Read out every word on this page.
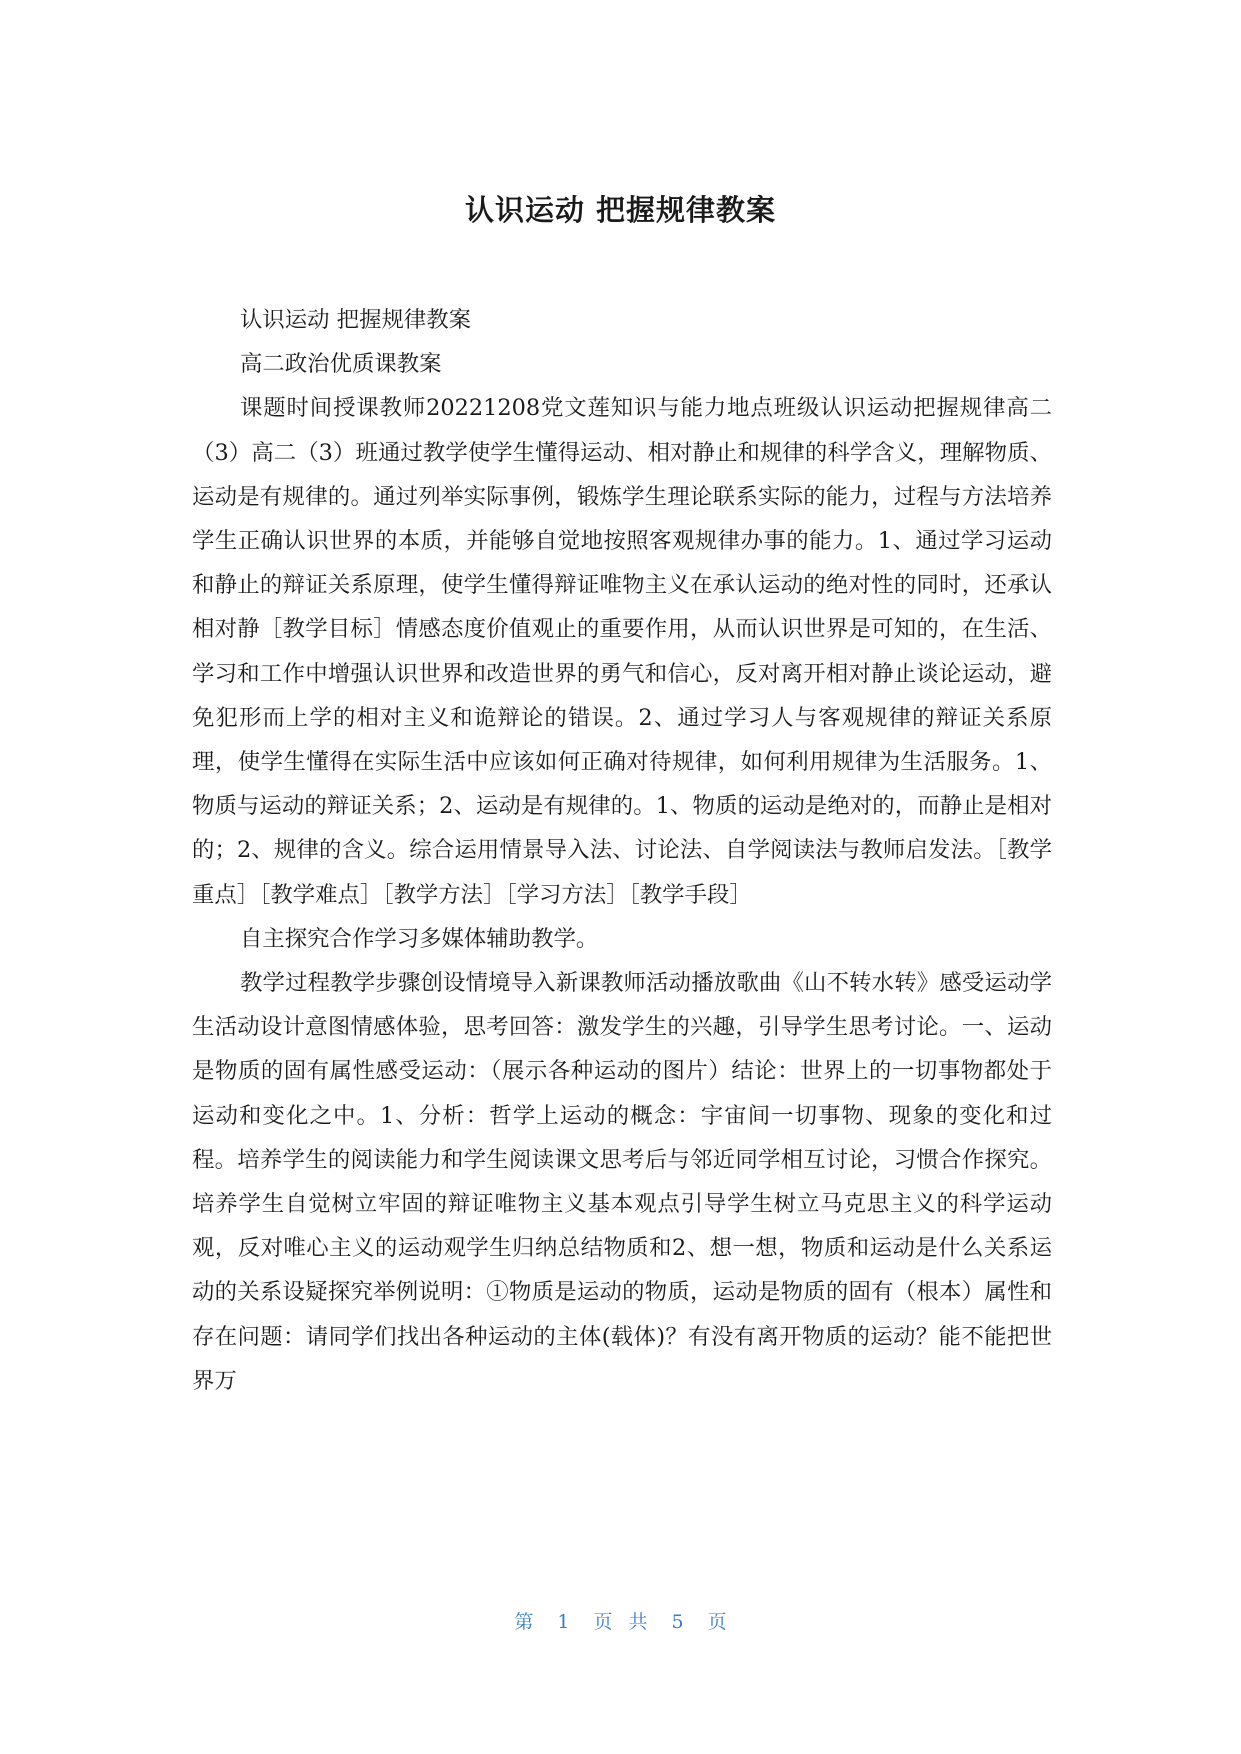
认识运动 把握规律教案

认识运动 把握规律教案

高二政治优质课教案

课题时间授课教师20221208党文莲知识与能力地点班级认识运动把握规律高二（3）高二（3）班通过教学使学生懂得运动、相对静止和规律的科学含义，理解物质、运动是有规律的。通过列举实际事例，锻炼学生理论联系实际的能力，过程与方法培养学生正确认识世界的本质，并能够自觉地按照客观规律办事的能力。1、通过学习运动和静止的辩证关系原理，使学生懂得辩证唯物主义在承认运动的绝对性的同时，还承认相对静［教学目标］情感态度价值观止的重要作用，从而认识世界是可知的，在生活、学习和工作中增强认识世界和改造世界的勇气和信心，反对离开相对静止谈论运动，避免犯形而上学的相对主义和诡辩论的错误。2、通过学习人与客观规律的辩证关系原理，使学生懂得在实际生活中应该如何正确对待规律，如何利用规律为生活服务。1、物质与运动的辩证关系；2、运动是有规律的。1、物质的运动是绝对的，而静止是相对的；2、规律的含义。综合运用情景导入法、讨论法、自学阅读法与教师启发法。［教学重点］［教学难点］［教学方法］［学习方法］［教学手段］

自主探究合作学习多媒体辅助教学。

教学过程教学步骤创设情境导入新课教师活动播放歌曲《山不转水转》感受运动学生活动设计意图情感体验，思考回答：激发学生的兴趣，引导学生思考讨论。一、运动是物质的固有属性感受运动：（展示各种运动的图片）结论：世界上的一切事物都处于运动和变化之中。1、分析：哲学上运动的概念：宇宙间一切事物、现象的变化和过程。培养学生的阅读能力和学生阅读课文思考后与邻近同学相互讨论，习惯合作探究。培养学生自觉树立牢固的辩证唯物主义基本观点引导学生树立马克思主义的科学运动观，反对唯心主义的运动观学生归纳总结物质和2、想一想，物质和运动是什么关系运动的关系设疑探究举例说明：①物质是运动的物质，运动是物质的固有（根本）属性和存在问题：请同学们找出各种运动的主体(载体)？有没有离开物质的运动？能不能把世界万

第 1 页 共 5 页
